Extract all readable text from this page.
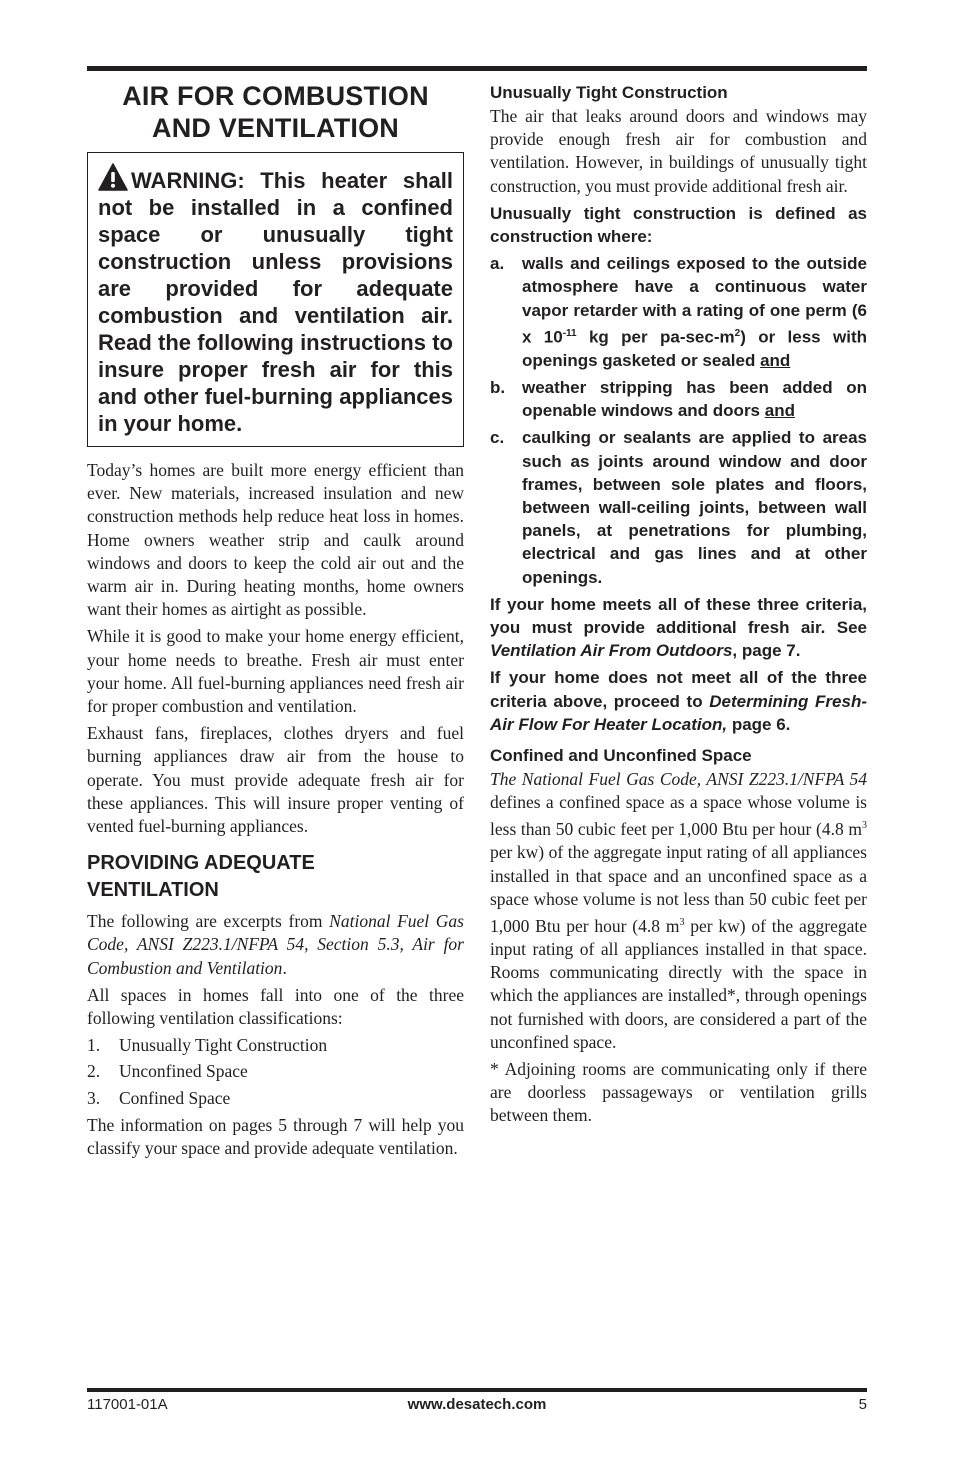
AIR FOR COMBUSTION
AND VENTILATION
WARNING: This heater shall not be installed in a confined space or unusually tight construction unless provisions are provided for adequate combustion and ventilation air. Read the following instructions to insure proper fresh air for this and other fuel-burning appliances in your home.

Today’s homes are built more energy efficient than ever. New materials, increased insulation and new construction methods help reduce heat loss in homes. Home owners weather strip and caulk around windows and doors to keep the cold air out and the warm air in. During heating months, home owners want their homes as airtight as possible.

While it is good to make your home energy efficient, your home needs to breathe. Fresh air must enter your home. All fuel-burning appliances need fresh air for proper combustion and ventilation.

Exhaust fans, fireplaces, clothes dryers and fuel burning appliances draw air from the house to operate. You must provide adequate fresh air for these appliances. This will insure proper venting of vented fuel-burning appliances.

PROVIDING ADEQUATE
VENTILATION

The following are excerpts from National Fuel Gas Code, ANSI Z223.1/NFPA 54, Section 5.3, Air for Combustion and Ventilation.

All spaces in homes fall into one of the three following ventilation classifications:

1.	Unusually Tight Construction
2.	Unconfined Space
3.	Confined Space

The information on pages 5 through 7 will help you classify your space and provide adequate ventilation.

Unusually Tight Construction

The air that leaks around doors and windows may provide enough fresh air for combustion and ventilation. However, in buildings of unusually tight construction, you must provide additional fresh air.

Unusually tight construction is defined as construction where:

a.	walls and ceilings exposed to the outside atmosphere have a continuous water vapor retarder with a rating of one perm (6 x $10^{-11}$ kg per $pa-\sec-m^2$) or less with openings gasketed or sealed and
b. weather stripping has been added on openable windows and doors and
c.	caulking or sealants are applied to areas such as joints around window and door frames, between sole plates and floors, between wall-ceiling joints, between wall panels, at penetrations for plumbing, electrical and gas lines and at other openings.

If your home meets all of these three criteria, you must provide additional fresh air. See Ventilation Air From Outdoors, page 7.

If your home does not meet all of the three criteria above, proceed to Determining Fresh-Air Flow For Heater Location, page 6.

Confined and Unconfined Space

The National Fuel Gas Code, ANSI Z223.1/NFPA 54 defines a confined space as a space whose volume is less than 50 cubic feet per 1,000 Btu per hour (4.8 $m^3$ per kw) of the aggregate input rating of all appliances installed in that space and an unconfined space as a space whose volume is not less than 50 cubic feet per 1,000 Btu per hour (4.8 $m^3$ per kw) of the aggregate input rating of all appliances installed in that space. Rooms communicating directly with the space in which the appliances are installed*, through openings not furnished with doors, are considered a part of the unconfined space.

* Adjoining rooms are communicating only if there are doorless passageways or ventilation grills between them.

117001-01A	www.desatech.com	5
